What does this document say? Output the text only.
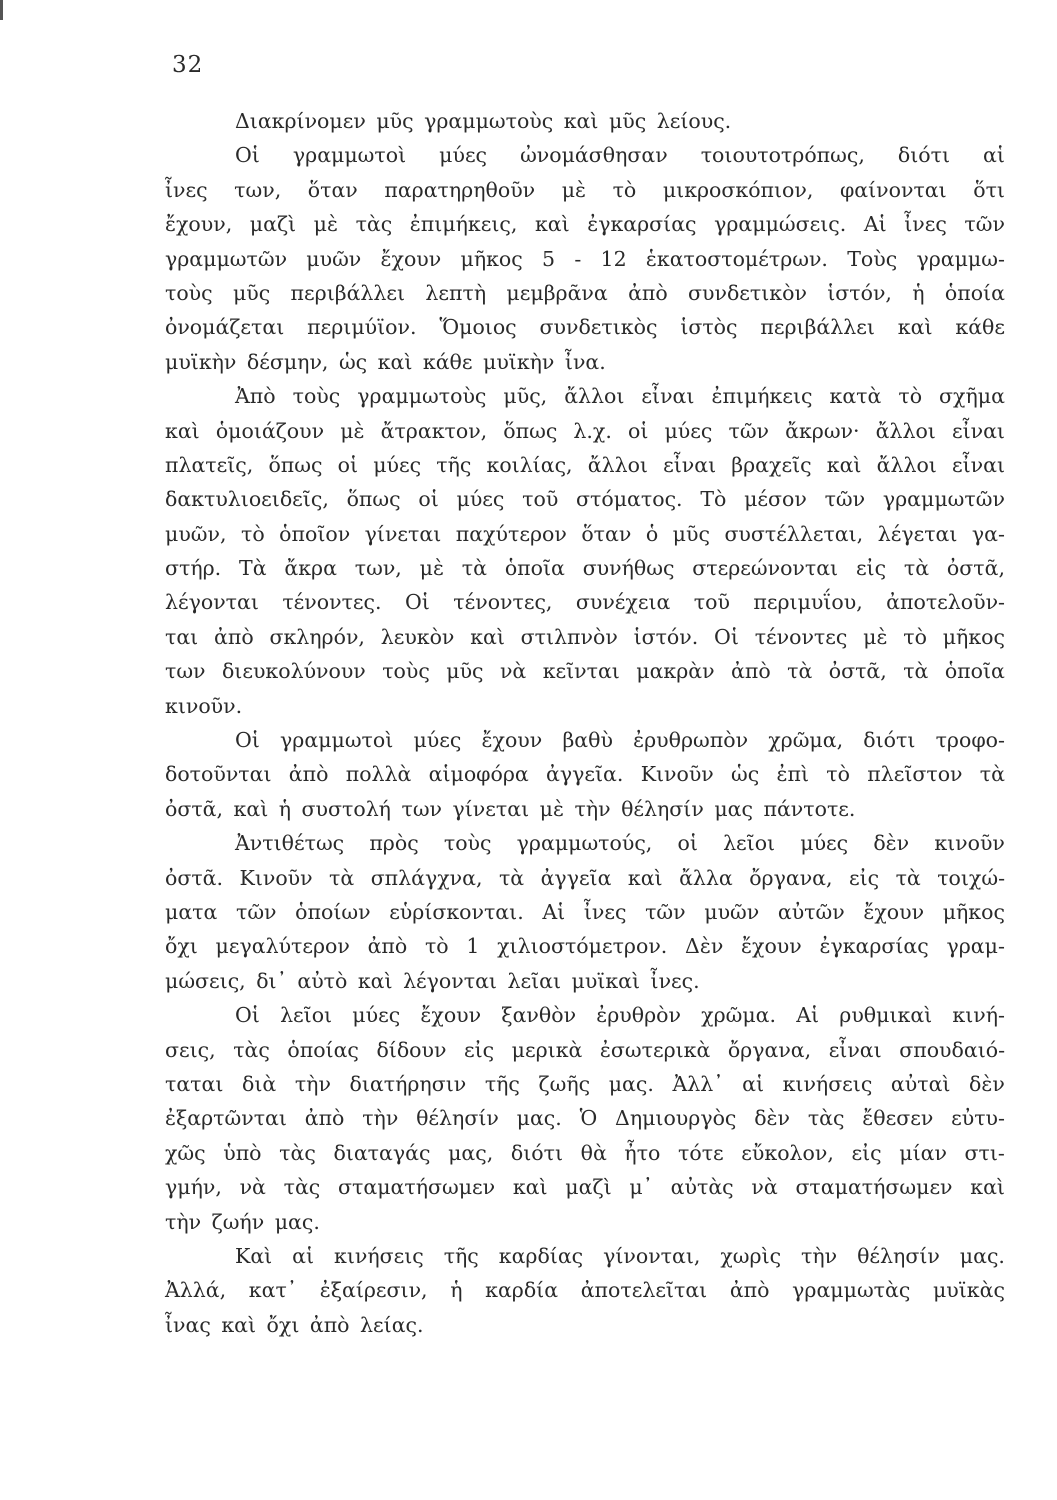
32
Διακρίνομεν μῦς γραμμωτοὺς καὶ μῦς λείους.
Οἱ γραμμωτοὶ μύες ὠνομάσθησαν τοιουτοτρόπως, διότι αἱ
ἶνες των, ὅταν παρατηρηθοῦν μὲ τὸ μικροσκόπιον, φαίνονται ὅτι
ἔχουν, μαζὶ μὲ τὰς ἐπιμήκεις, καὶ ἐγκαρσίας γραμμώσεις. Αἱ ἶνες τῶν
γραμμωτῶν μυῶν ἔχουν μῆκος 5 - 12 ἑκατοστομέτρων. Τοὺς γραμμω-
τοὺς μῦς περιβάλλει λεπτὴ μεμβρᾶνα ἀπὸ συνδετικὸν ἱστόν, ἡ ὁποία
ὀνομάζεται περιμύϊον. Ὅμοιος συνδετικὸς ἱστὸς περιβάλλει καὶ κάθε
μυϊκὴν δέσμην, ὡς καὶ κάθε μυϊκὴν ἶνα.
Ἀπὸ τοὺς γραμμωτοὺς μῦς, ἄλλοι εἶναι ἐπιμήκεις κατὰ τὸ σχῆμα
καὶ ὁμοιάζουν μὲ ἄτρακτον, ὅπως λ.χ. οἱ μύες τῶν ἄκρων· ἄλλοι εἶναι
πλατεῖς, ὅπως οἱ μύες τῆς κοιλίας, ἄλλοι εἶναι βραχεῖς καὶ ἄλλοι εἶναι
δακτυλιοειδεῖς, ὅπως οἱ μύες τοῦ στόματος. Τὸ μέσον τῶν γραμμωτῶν
μυῶν, τὸ ὁποῖον γίνεται παχύτερον ὅταν ὁ μῦς συστέλλεται, λέγεται γα-
στήρ. Τὰ ἄκρα των, μὲ τὰ ὁποῖα συνήθως στερεώνονται εἰς τὰ ὀστᾶ,
λέγονται τένοντες. Οἱ τένοντες, συνέχεια τοῦ περιμυΐου, ἀποτελοῦν-
ται ἀπὸ σκληρόν, λευκὸν καὶ στιλπνὸν ἱστόν. Οἱ τένοντες μὲ τὸ μῆκος
των διευκολύνουν τοὺς μῦς νὰ κεῖνται μακρὰν ἀπὸ τὰ ὀστᾶ, τὰ ὁποῖα
κινοῦν.
Οἱ γραμμωτοὶ μύες ἔχουν βαθὺ ἐρυθρωπὸν χρῶμα, διότι τροφο-
δοτοῦνται ἀπὸ πολλὰ αἱμοφόρα ἀγγεῖα. Κινοῦν ὡς ἐπὶ τὸ πλεῖστον τὰ
ὀστᾶ, καὶ ἡ συστολή των γίνεται μὲ τὴν θέλησίν μας πάντοτε.
Ἀντιθέτως πρὸς τοὺς γραμμωτούς, οἱ λεῖοι μύες δὲν κινοῦν
ὀστᾶ. Κινοῦν τὰ σπλάγχνα, τὰ ἀγγεῖα καὶ ἄλλα ὄργανα, εἰς τὰ τοιχώ-
ματα τῶν ὁποίων εὑρίσκονται. Αἱ ἶνες τῶν μυῶν αὐτῶν ἔχουν μῆκος
ὄχι μεγαλύτερον ἀπὸ τὸ 1 χιλιοστόμετρον. Δὲν ἔχουν ἐγκαρσίας γραμ-
μώσεις, δι᾽ αὐτὸ καὶ λέγονται λεῖαι μυϊκαὶ ἶνες.
Οἱ λεῖοι μύες ἔχουν ξανθὸν ἐρυθρὸν χρῶμα. Αἱ ρυθμικαὶ κινή-
σεις, τὰς ὁποίας δίδουν εἰς μερικὰ ἐσωτερικὰ ὄργανα, εἶναι σπουδαιό-
ταται διὰ τὴν διατήρησιν τῆς ζωῆς μας. Ἀλλ᾽ αἱ κινήσεις αὐταὶ δὲν
ἐξαρτῶνται ἀπὸ τὴν θέλησίν μας. Ὁ Δημιουργὸς δὲν τὰς ἔθεσεν εὐτυ-
χῶς ὑπὸ τὰς διαταγάς μας, διότι θὰ ἦτο τότε εὔκολον, εἰς μίαν στι-
γμήν, νὰ τὰς σταματήσωμεν καὶ μαζὶ μ᾽ αὐτὰς νὰ σταματήσωμεν καὶ
τὴν ζωήν μας.
Καὶ αἱ κινήσεις τῆς καρδίας γίνονται, χωρὶς τὴν θέλησίν μας.
Ἀλλά, κατ᾽ ἐξαίρεσιν, ἡ καρδία ἀποτελεῖται ἀπὸ γραμμωτὰς μυϊκὰς
ἶνας καὶ ὄχι ἀπὸ λείας.
